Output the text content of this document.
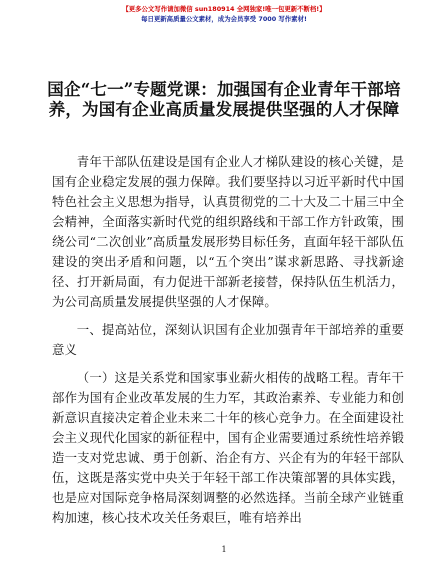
【更多公文写作请加微信 sun180914 全网独家!唯一包更新不断档!】
每日更新高质量公文素材，成为会员享受 7000 写作素材!
国企“七一”专题党课：加强国有企业青年干部培养，为国有企业高质量发展提供坚强的人才保障

青年干部队伍建设是国有企业人才梯队建设的核心关键，是国有企业稳定发展的强力保障。我们要坚持以习近平新时代中国特色社会主义思想为指导，认真贯彻党的二十大及二十届三中全会精神，全面落实新时代党的组织路线和干部工作方针政策，围绕公司“二次创业”高质量发展形势目标任务，直面年轻干部队伍建设的突出矛盾和问题，以“五个突出”谋求新思路、寻找新途径、打开新局面，有力促进干部新老接替，保持队伍生机活力，为公司高质量发展提供坚强的人才保障。

一、提高站位，深刻认识国有企业加强青年干部培养的重要意义

（一）这是关系党和国家事业薪火相传的战略工程。青年干部作为国有企业改革发展的生力军，其政治素养、专业能力和创新意识直接决定着企业未来二十年的核心竞争力。在全面建设社会主义现代化国家的新征程中，国有企业需要通过系统性培养锻造一支对党忠诚、勇于创新、治企有方、兴企有为的年轻干部队伍，这既是落实党中央关于年轻干部工作决策部署的具体实践，也是应对国际竞争格局深刻调整的必然选择。当前全球产业链重构加速，核心技术攻关任务艰巨，唯有培养出

1
